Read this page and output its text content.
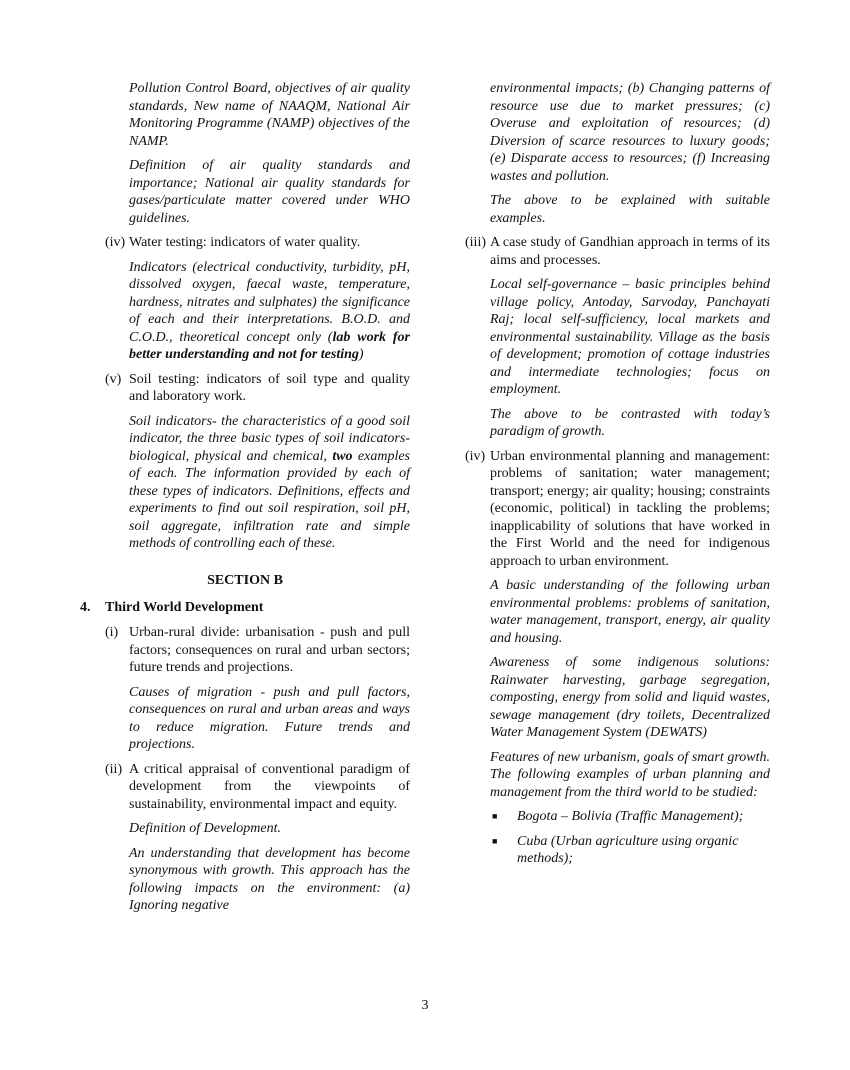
Pollution Control Board, objectives of air quality standards, New name of NAAQM, National Air Monitoring Programme (NAMP) objectives of the NAMP.

Definition of air quality standards and importance; National air quality standards for gases/particulate matter covered under WHO guidelines.

(iv) Water testing: indicators of water quality.

Indicators (electrical conductivity, turbidity, pH, dissolved oxygen, faecal waste, temperature, hardness, nitrates and sulphates) the significance of each and their interpretations. B.O.D. and C.O.D., theoretical concept only (lab work for better understanding and not for testing)

(v) Soil testing: indicators of soil type and quality and laboratory work.

Soil indicators- the characteristics of a good soil indicator, the three basic types of soil indicators- biological, physical and chemical, two examples of each. The information provided by each of these types of indicators. Definitions, effects and experiments to find out soil respiration, soil pH, soil aggregate, infiltration rate and simple methods of controlling each of these.

SECTION B
4.	Third World Development
(i) Urban-rural divide: urbanisation - push and pull factors; consequences on rural and urban sectors; future trends and projections.

Causes of migration - push and pull factors, consequences on rural and urban areas and ways to reduce migration. Future trends and projections.

(ii) A critical appraisal of conventional paradigm of development from the viewpoints of sustainability, environmental impact and equity.

Definition of Development.

An understanding that development has become synonymous with growth. This approach has the following impacts on the environment: (a) Ignoring negative

environmental impacts; (b) Changing patterns of resource use due to market pressures; (c) Overuse and exploitation of resources; (d) Diversion of scarce resources to luxury goods; (e) Disparate access to resources; (f) Increasing wastes and pollution.

The above to be explained with suitable examples.

(iii) A case study of Gandhian approach in terms of its aims and processes.

Local self-governance – basic principles behind village policy, Antoday, Sarvoday, Panchayati Raj; local self-sufficiency, local markets and environmental sustainability. Village as the basis of development; promotion of cottage industries and intermediate technologies; focus on employment.

The above to be contrasted with today’s paradigm of growth.

(iv) Urban environmental planning and management: problems of sanitation; water management; transport; energy; air quality; housing; constraints (economic, political) in tackling the problems; inapplicability of solutions that have worked in the First World and the need for indigenous approach to urban environment.

A basic understanding of the following urban environmental problems: problems of sanitation, water management, transport, energy, air quality and housing.

Awareness of some indigenous solutions: Rainwater harvesting, garbage segregation, composting, energy from solid and liquid wastes, sewage management (dry toilets, Decentralized Water Management System (DEWATS)

Features of new urbanism, goals of smart growth. The following examples of urban planning and management from the third world to be studied:

■	Bogota – Bolivia (Traffic Management);
■	Cuba (Urban agriculture using organic methods);
3
